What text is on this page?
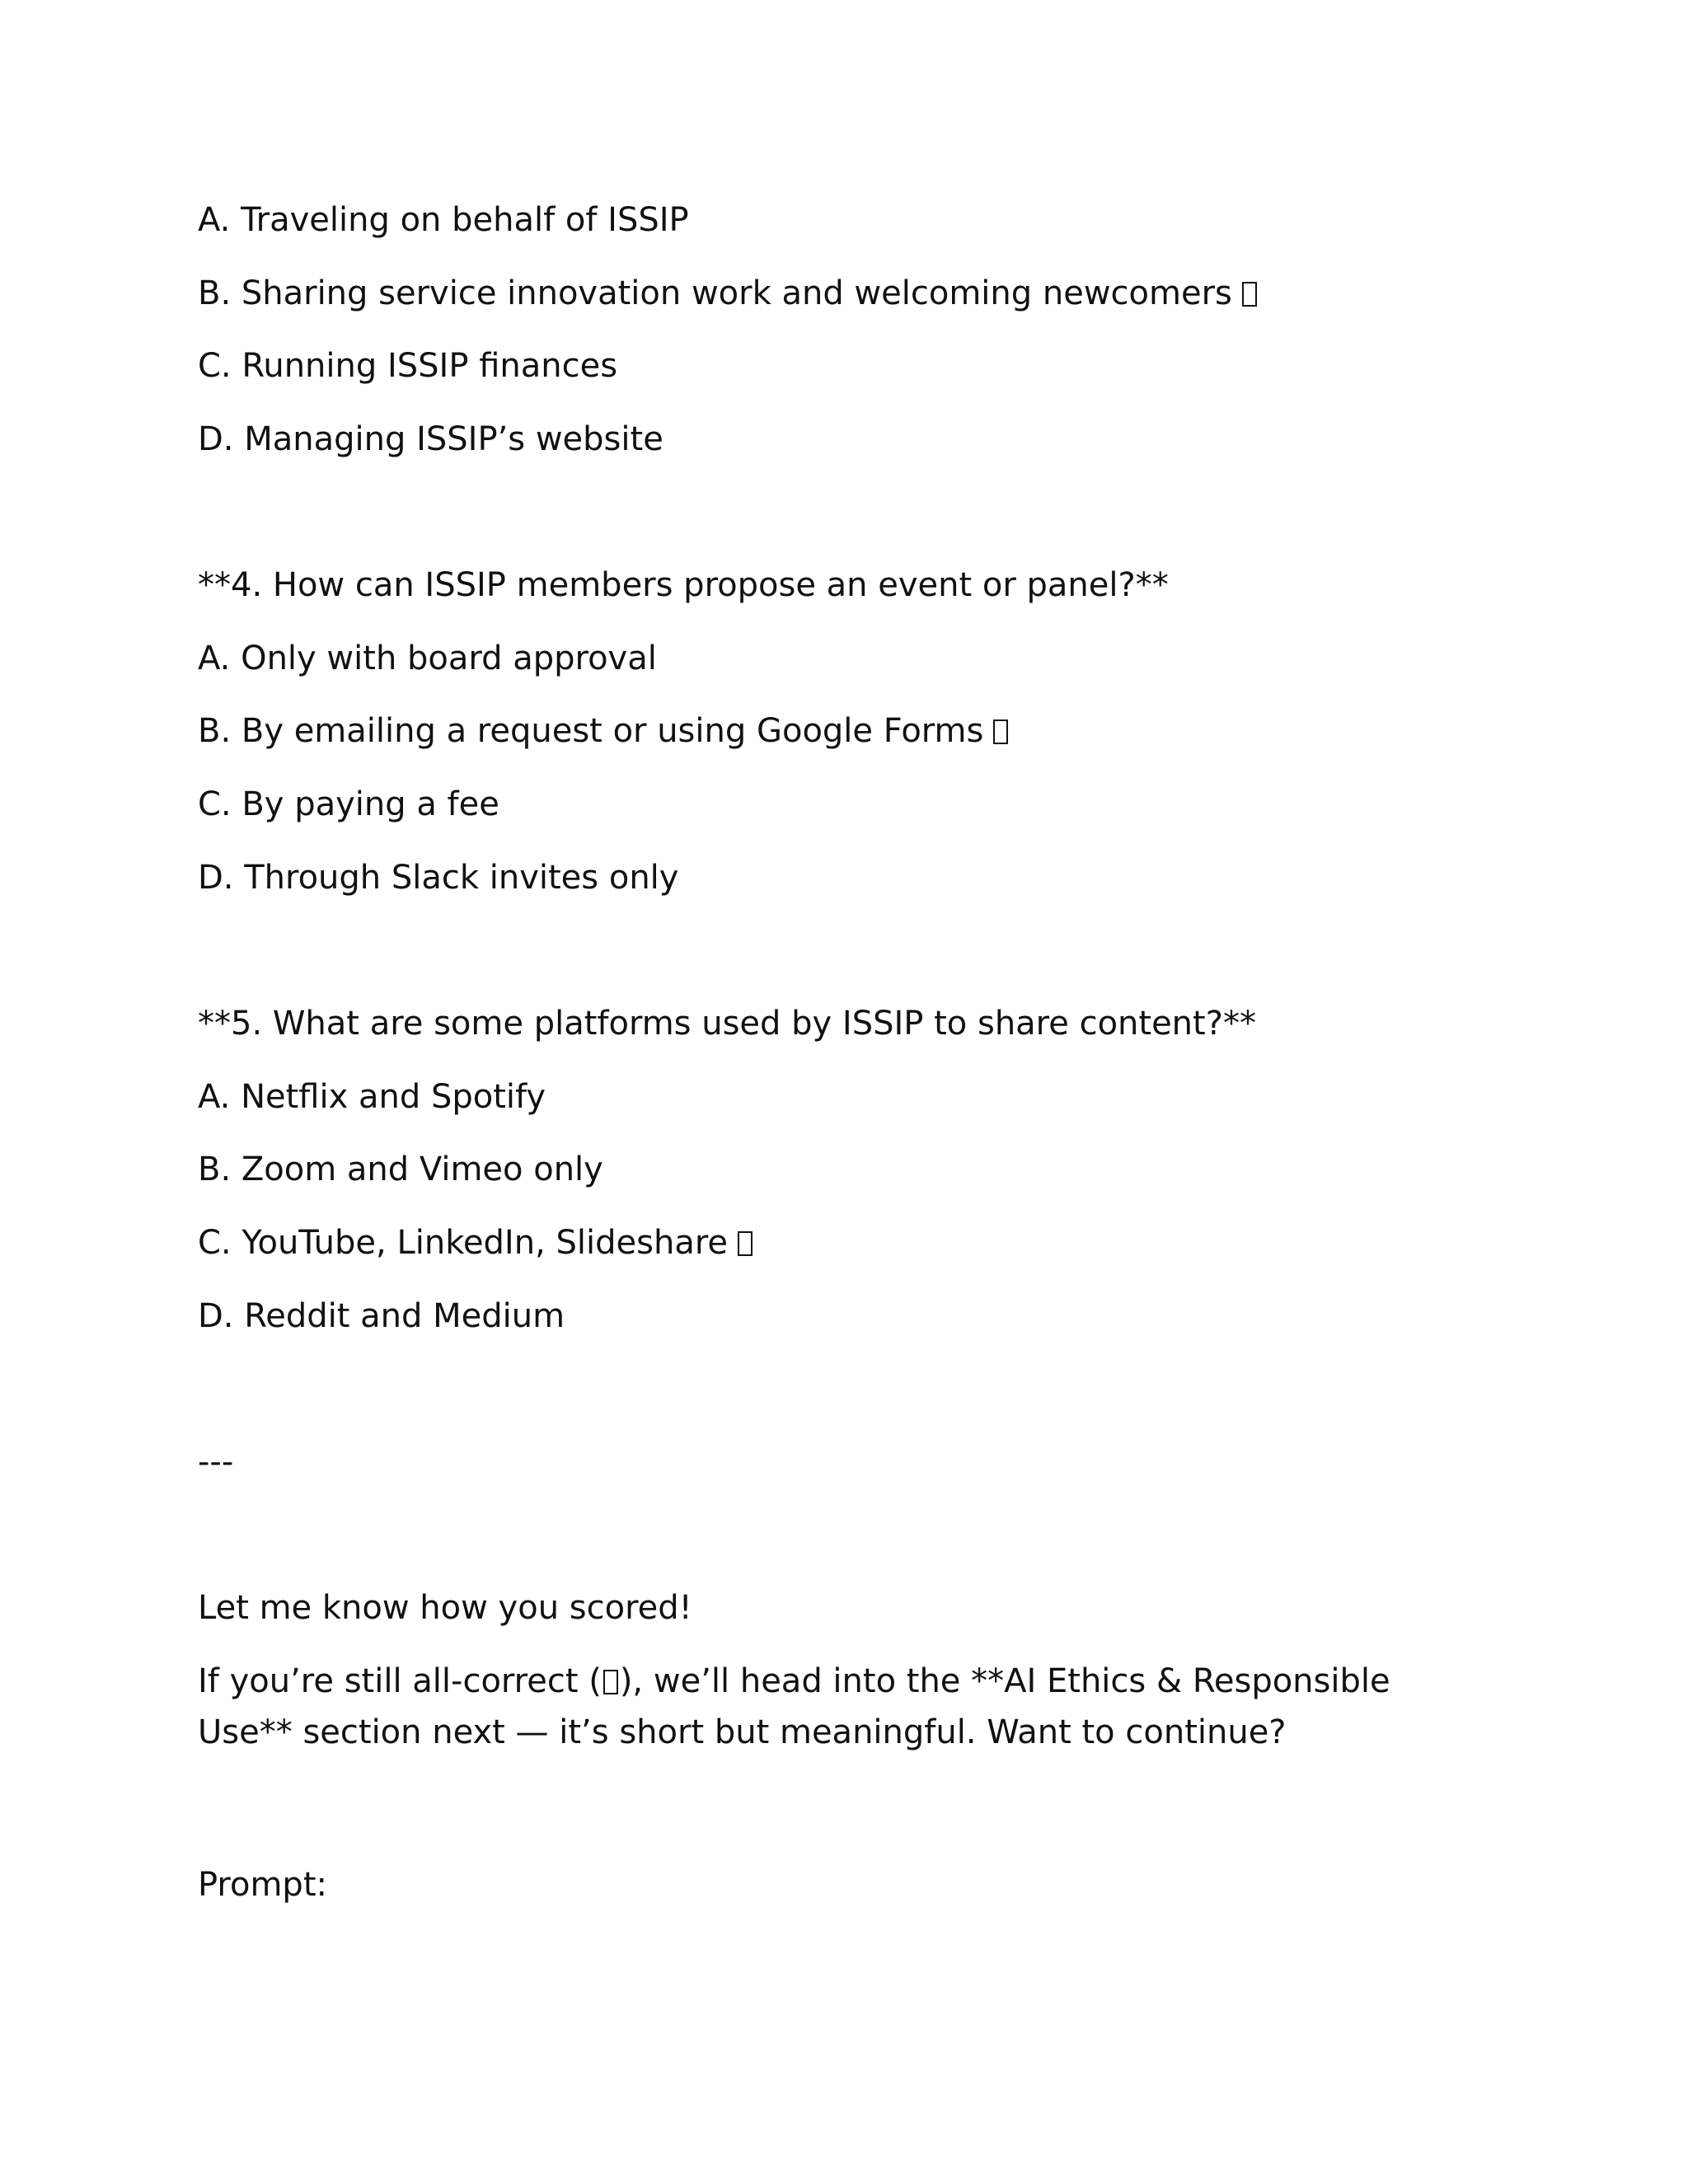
A. Traveling on behalf of ISSIP
B. Sharing service innovation work and welcoming newcomers
C. Running ISSIP finances
D. Managing ISSIP’s website
**4. How can ISSIP members propose an event or panel?**
A. Only with board approval
B. By emailing a request or using Google Forms
C. By paying a fee
D. Through Slack invites only
**5. What are some platforms used by ISSIP to share content?**
A. Netflix and Spotify
B. Zoom and Vimeo only
C. YouTube, LinkedIn, Slideshare
D. Reddit and Medium
---
Let me know how you scored!
If you’re still all-correct ( ), we’ll head into the **AI Ethics & Responsible Use** section next — it’s short but meaningful. Want to continue?
Prompt:
